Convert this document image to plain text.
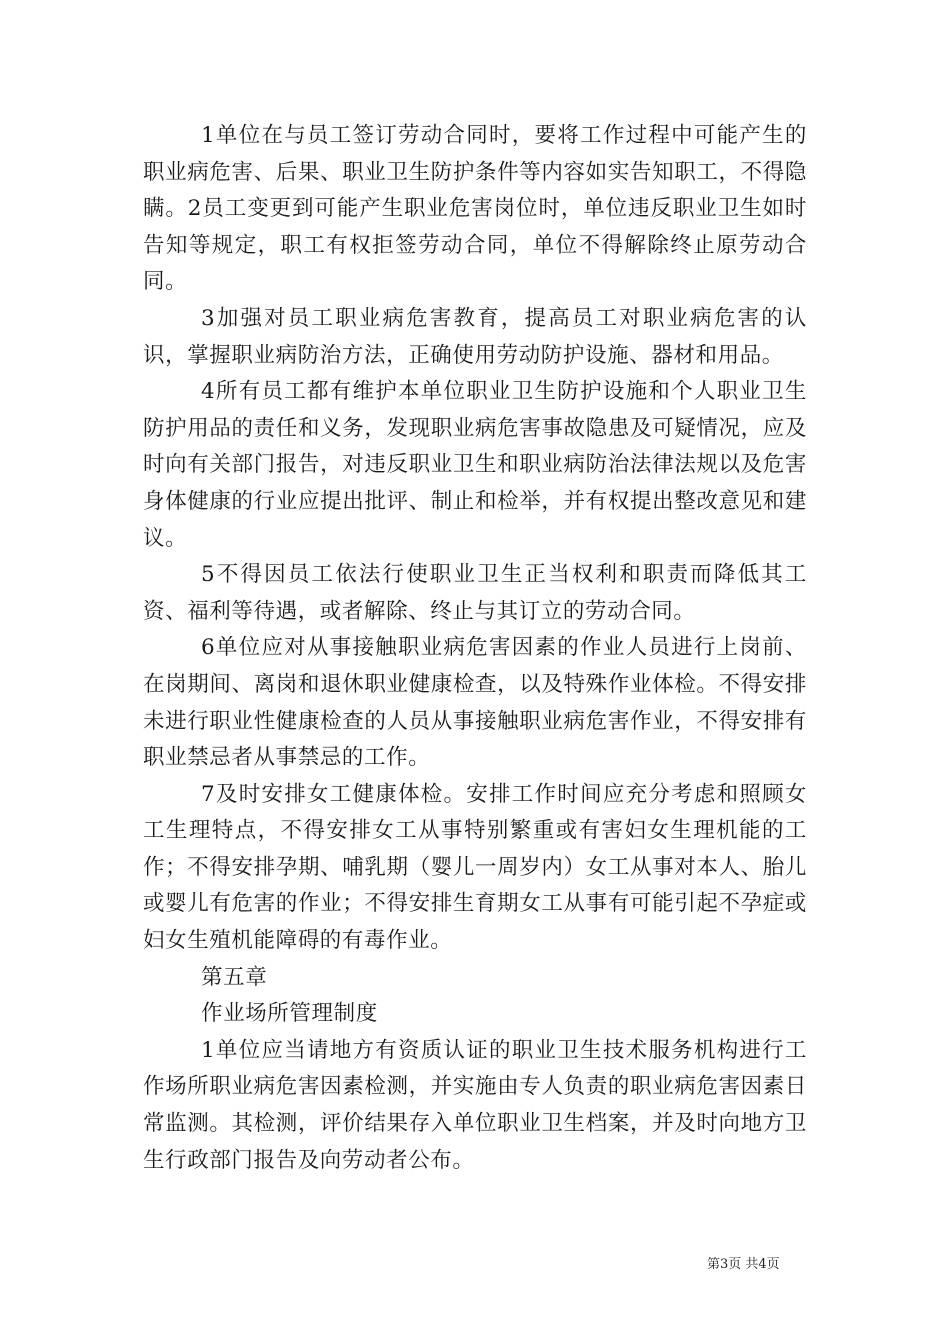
1单位在与员工签订劳动合同时，要将工作过程中可能产生的职业病危害、后果、职业卫生防护条件等内容如实告知职工，不得隐瞒。2员工变更到可能产生职业危害岗位时，单位违反职业卫生如时告知等规定，职工有权拒签劳动合同，单位不得解除终止原劳动合同。

3加强对员工职业病危害教育，提高员工对职业病危害的认识，掌握职业病防治方法，正确使用劳动防护设施、器材和用品。

4所有员工都有维护本单位职业卫生防护设施和个人职业卫生防护用品的责任和义务，发现职业病危害事故隐患及可疑情况，应及时向有关部门报告，对违反职业卫生和职业病防治法律法规以及危害身体健康的行业应提出批评、制止和检举，并有权提出整改意见和建议。

5不得因员工依法行使职业卫生正当权利和职责而降低其工资、福利等待遇，或者解除、终止与其订立的劳动合同。

6单位应对从事接触职业病危害因素的作业人员进行上岗前、在岗期间、离岗和退休职业健康检查，以及特殊作业体检。不得安排未进行职业性健康检查的人员从事接触职业病危害作业，不得安排有职业禁忌者从事禁忌的工作。

7及时安排女工健康体检。安排工作时间应充分考虑和照顾女工生理特点，不得安排女工从事特别繁重或有害妇女生理机能的工作；不得安排孕期、哺乳期（婴儿一周岁内）女工从事对本人、胎儿或婴儿有危害的作业；不得安排生育期女工从事有可能引起不孕症或妇女生殖机能障碍的有毒作业。

第五章

作业场所管理制度

1单位应当请地方有资质认证的职业卫生技术服务机构进行工作场所职业病危害因素检测，并实施由专人负责的职业病危害因素日常监测。其检测，评价结果存入单位职业卫生档案，并及时向地方卫生行政部门报告及向劳动者公布。

第3页 共4页
